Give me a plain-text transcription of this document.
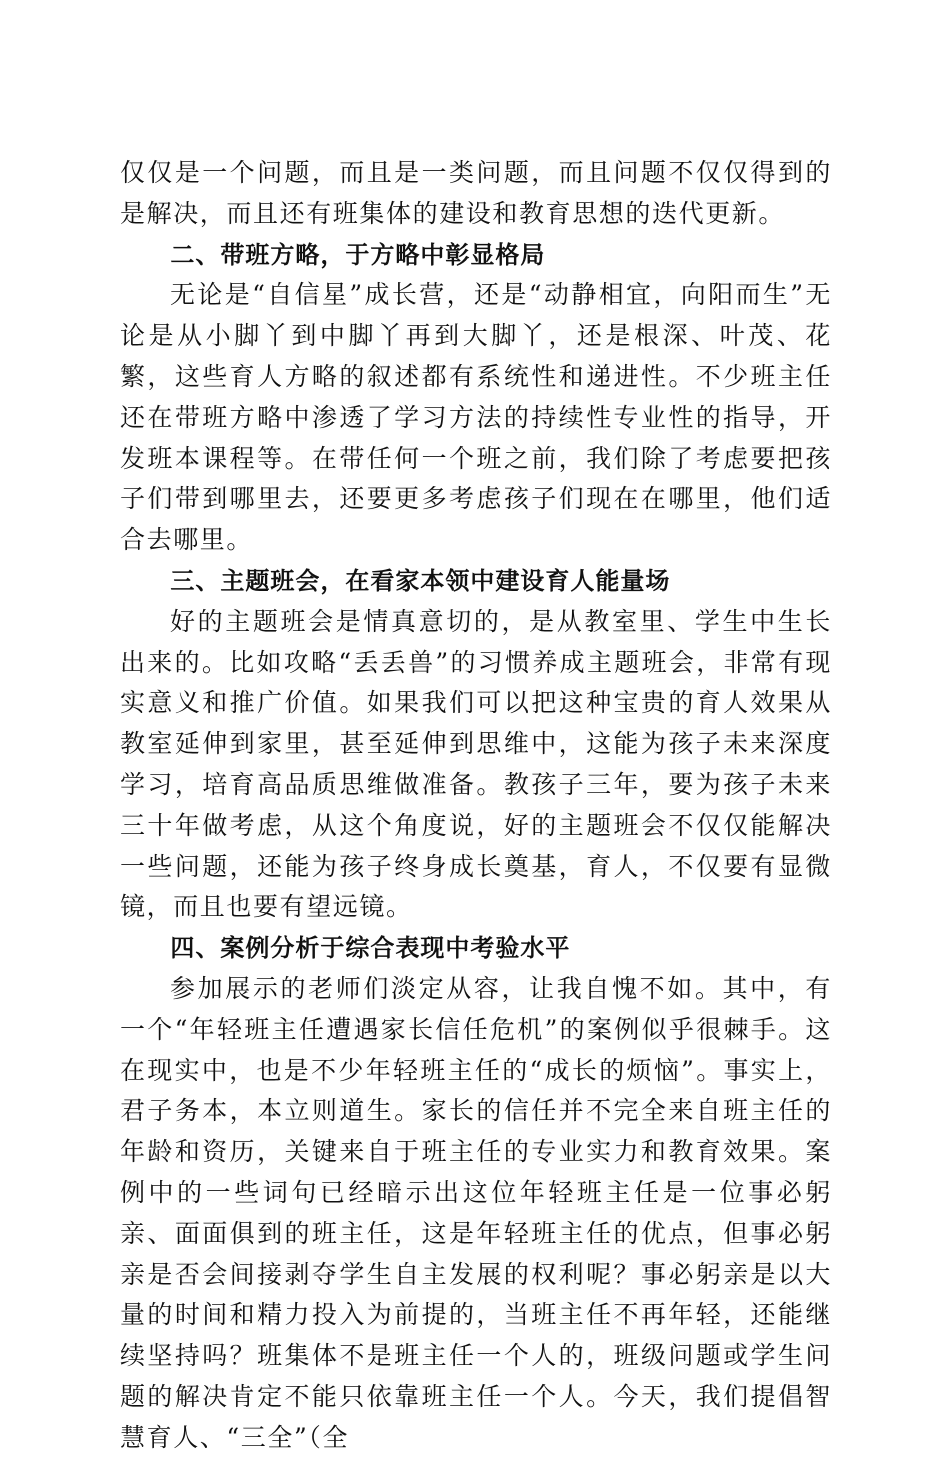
仅仅是一个问题，而且是一类问题，而且问题不仅仅得到的是解决，而且还有班集体的建设和教育思想的迭代更新。

二、带班方略，于方略中彰显格局

无论是“自信星”成长营，还是“动静相宜，向阳而生”无论是从小脚丫到中脚丫再到大脚丫，还是根深、叶茂、花繁，这些育人方略的叙述都有系统性和递进性。不少班主任还在带班方略中渗透了学习方法的持续性专业性的指导，开发班本课程等。在带任何一个班之前，我们除了考虑要把孩子们带到哪里去，还要更多考虑孩子们现在在哪里，他们适合去哪里。

三、主题班会，在看家本领中建设育人能量场

好的主题班会是情真意切的，是从教室里、学生中生长出来的。比如攻略“丢丢兽”的习惯养成主题班会，非常有现实意义和推广价值。如果我们可以把这种宝贵的育人效果从教室延伸到家里，甚至延伸到思维中，这能为孩子未来深度学习，培育高品质思维做准备。教孩子三年，要为孩子未来三十年做考虑，从这个角度说，好的主题班会不仅仅能解决一些问题，还能为孩子终身成长奠基，育人，不仅要有显微镜，而且也要有望远镜。

四、案例分析于综合表现中考验水平

参加展示的老师们淡定从容，让我自愧不如。其中，有一个“年轻班主任遭遇家长信任危机”的案例似乎很棘手。这在现实中，也是不少年轻班主任的“成长的烦恼”。事实上，君子务本，本立则道生。家长的信任并不完全来自班主任的年龄和资历，关键来自于班主任的专业实力和教育效果。案例中的一些词句已经暗示出这位年轻班主任是一位事必躬亲、面面俱到的班主任，这是年轻班主任的优点，但事必躬亲是否会间接剥夺学生自主发展的权利呢？事必躬亲是以大量的时间和精力投入为前提的，当班主任不再年轻，还能继续坚持吗？班集体不是班主任一个人的，班级问题或学生问题的解决肯定不能只依靠班主任一个人。今天，我们提倡智慧育人、“三全”（全
